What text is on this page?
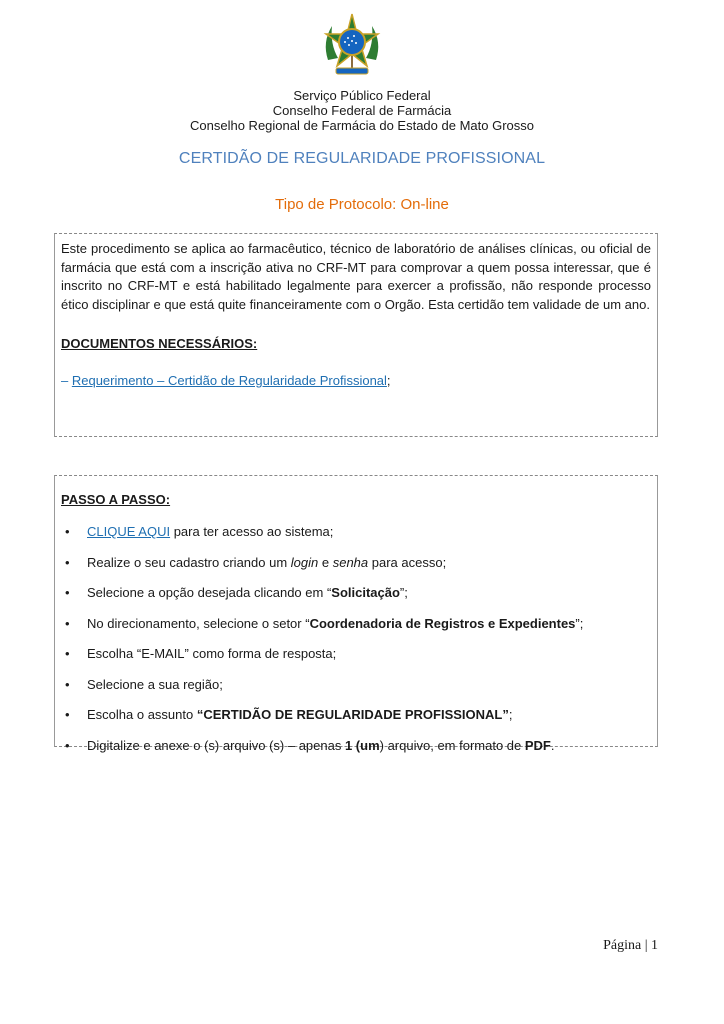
Serviço Público Federal
Conselho Federal de Farmácia
Conselho Regional de Farmácia do Estado de Mato Grosso
CERTIDÃO DE REGULARIDADE PROFISSIONAL
Tipo de Protocolo: On-line

Este procedimento se aplica ao farmacêutico, técnico de laboratório de análises clínicas, ou oficial de farmácia que está com a inscrição ativa no CRF-MT para comprovar a quem possa interessar, que é inscrito no CRF-MT e está habilitado legalmente para exercer a profissão, não responde processo ético disciplinar e que está quite financeiramente com o Orgão. Esta certidão tem validade de um ano.

DOCUMENTOS NECESSÁRIOS:

– Requerimento – Certidão de Regularidade Profissional;

PASSO A PASSO:

• CLIQUE AQUI para ter acesso ao sistema;
• Realize o seu cadastro criando um login e senha para acesso;
• Selecione a opção desejada clicando em “Solicitação”;
• No direcionamento, selecione o setor “Coordenadoria de Registros e Expedientes”;
• Escolha “E-MAIL” como forma de resposta;
• Selecione a sua região;
• Escolha o assunto “CERTIDÃO DE REGULARIDADE PROFISSIONAL”;
• Digitalize e anexe o (s) arquivo (s) – apenas 1 (um) arquivo, em formato de PDF.
Página | 1
